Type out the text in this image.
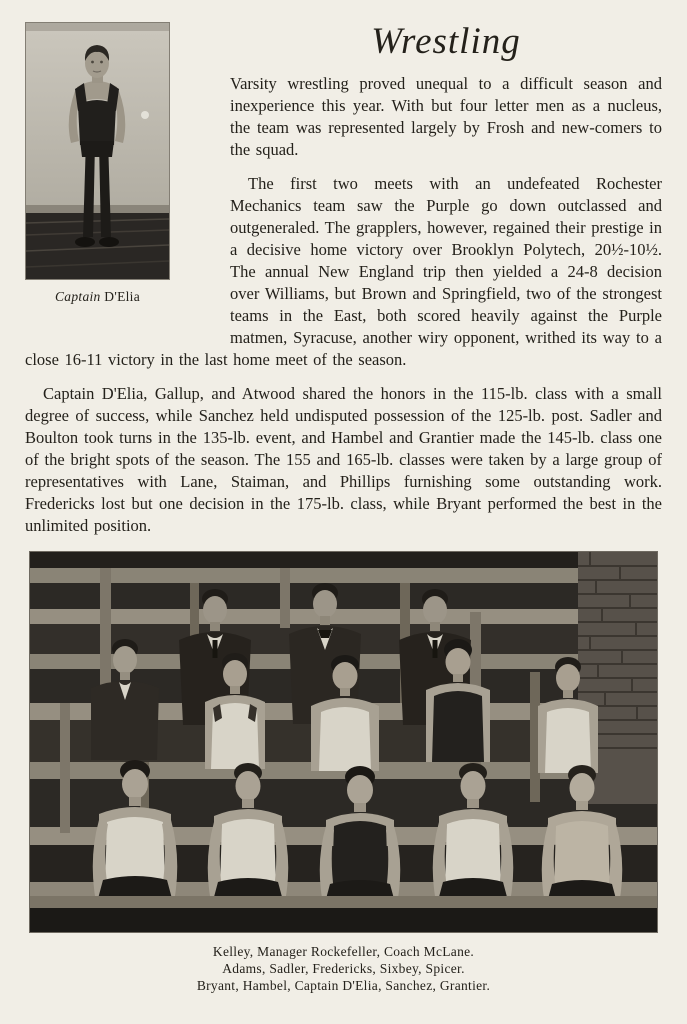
Captain D'Elia
Wrestling

Varsity wrestling proved unequal to a difficult season and inexperience this year. With but four letter men as a nucleus, the team was represented largely by Frosh and new-comers to the squad.

The first two meets with an undefeated Rochester Mechanics team saw the Purple go down outclassed and outgeneraled. The grapplers, however, regained their prestige in a decisive home victory over Brooklyn Polytech, 20½-10½. The annual New England trip then yielded a 24-8 decision over Williams, but Brown and Springfield, two of the strongest teams in the East, both scored heavily against the Purple matmen, Syracuse, another wiry opponent, writhed its way to a close 16-11 victory in the last home meet of the season.

Captain D'Elia, Gallup, and Atwood shared the honors in the 115-lb. class with a small degree of success, while Sanchez held undisputed possession of the 125-lb. post. Sadler and Boulton took turns in the 135-lb. event, and Hambel and Grantier made the 145-lb. class one of the bright spots of the season. The 155 and 165-lb. classes were taken by a large group of representatives with Lane, Staiman, and Phillips furnishing some outstanding work. Fredericks lost but one decision in the 175-lb. class, while Bryant performed the best in the unlimited position.

Kelley, Manager Rockefeller, Coach McLane.
Adams, Sadler, Fredericks, Sixbey, Spicer.
Bryant, Hambel, Captain D'Elia, Sanchez, Grantier.
